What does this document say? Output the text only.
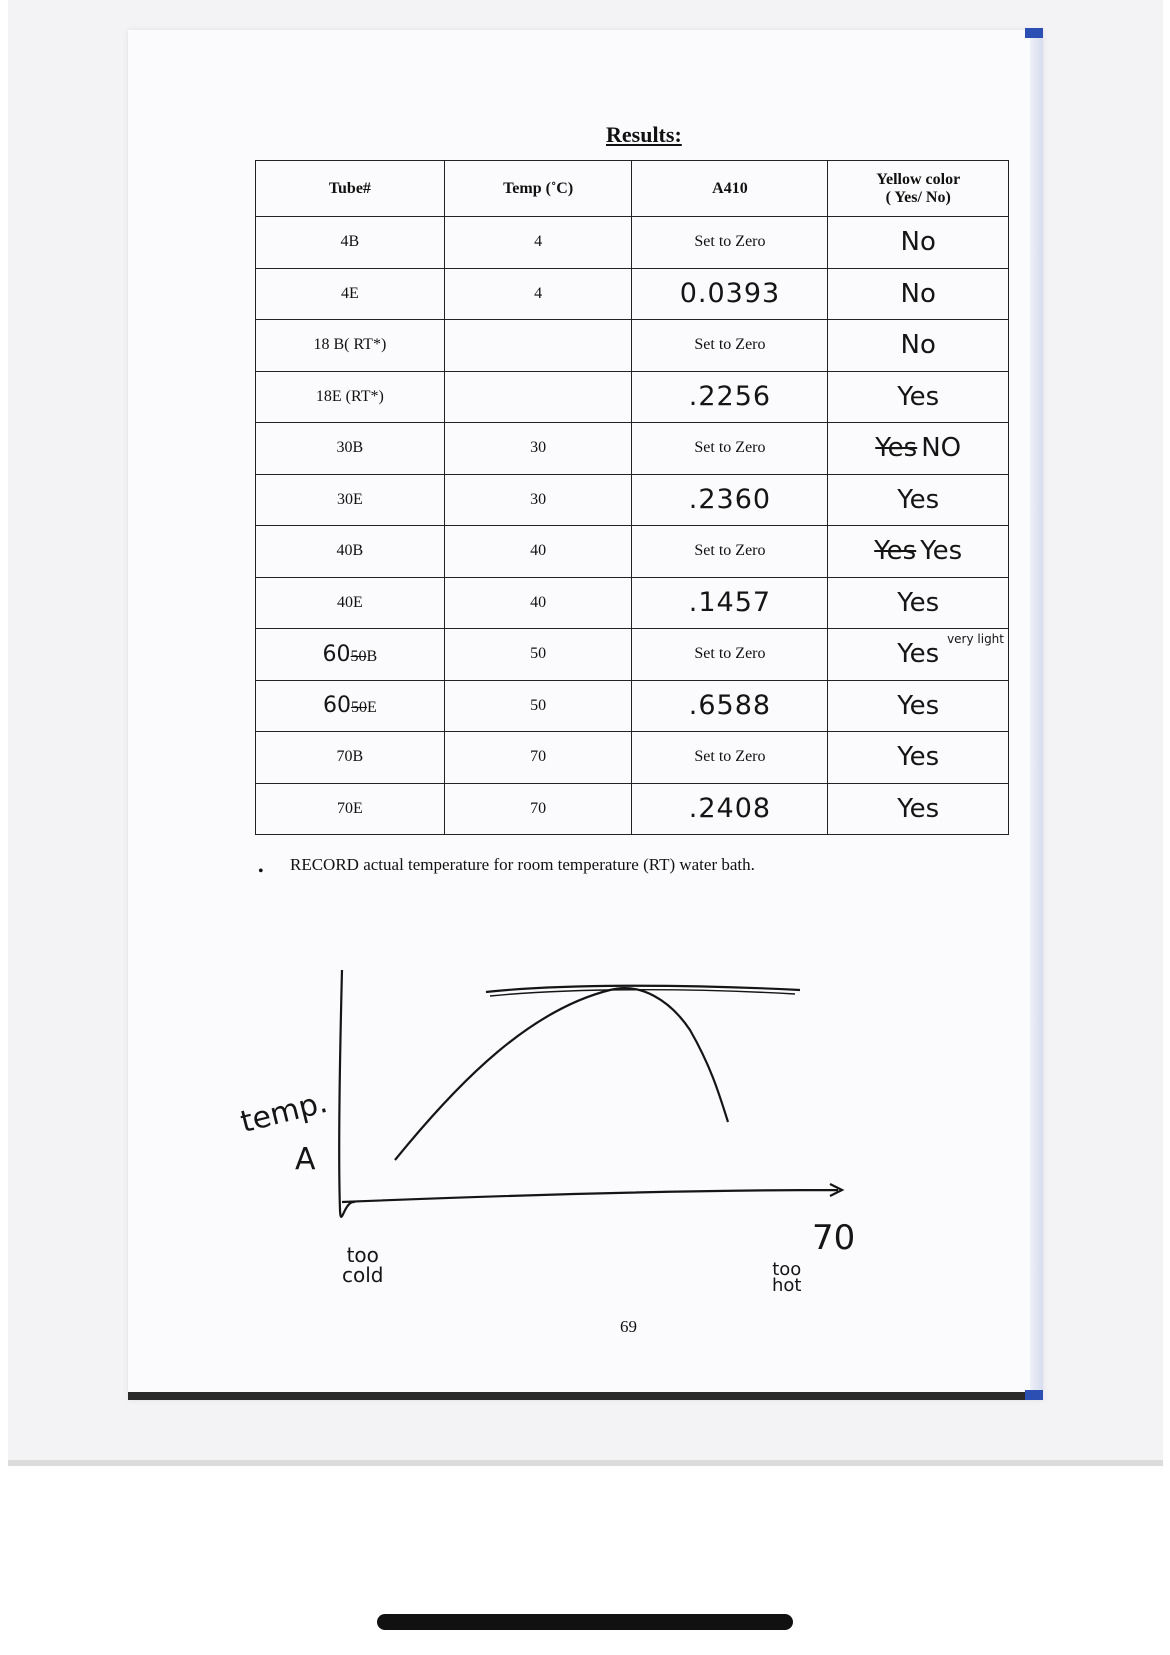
Results:
Tube#	Temp (˚C)	A410	Yellow color
( Yes/ No)

4B	4	Set to Zero	No
4E	4	0.0393	No
18 B( RT*)		Set to Zero	No
18E (RT*)		.2256	Yes
30B	30	Set to Zero	Yes NO
30E	30	.2360	Yes
40B	40	Set to Zero	Yes Yes
40E	40	.1457	Yes
6050B	50	Set to Zero	Yes
very light

6050E	50	.6588	Yes
70B	70	Set to Zero	Yes
70E	70	.2408	Yes
• RECORD actual temperature for room temperature (RT) water bath.
temp.
A
too
cold
70
too
hot
69
